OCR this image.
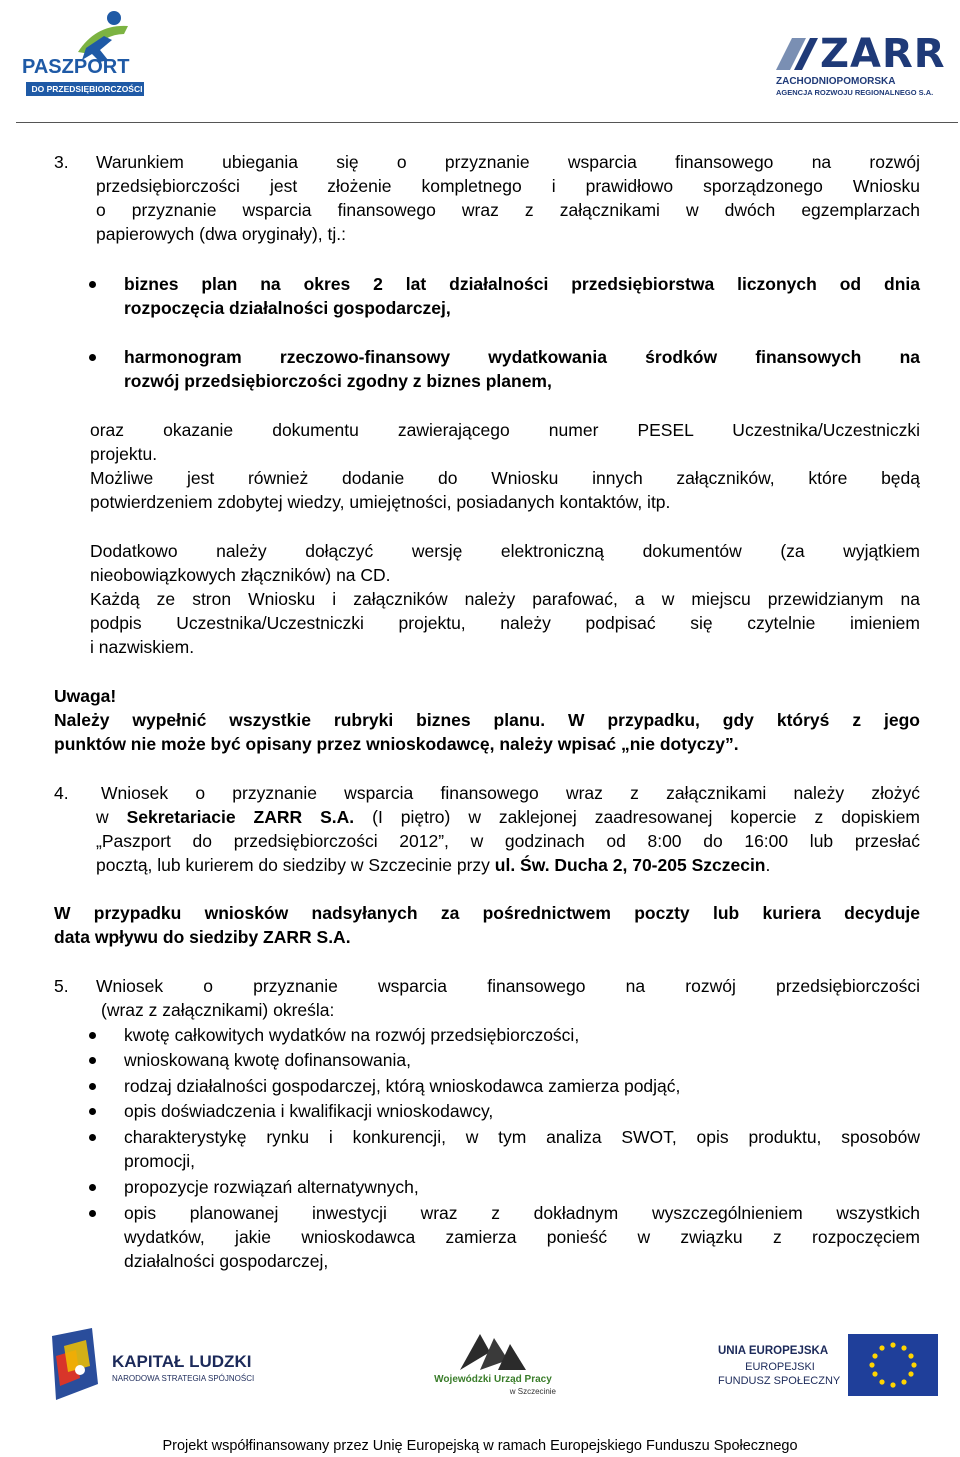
PASZPORT
DO PRZEDSIĘBIORCZOŚCI
ZARR
ZACHODNIOPOMORSKA
AGENCJA ROZWOJU REGIONALNEGO S.A.
3. Warunkiem ubiegania się o przyznanie wsparcia finansowego na rozwój
przedsiębiorczości jest złożenie kompletnego i prawidłowo sporządzonego Wniosku
o przyznanie wsparcia finansowego wraz z załącznikami w dwóch egzemplarzach
papierowych (dwa oryginały), tj.:
biznes plan na okres 2 lat działalności przedsiębiorstwa liczonych od dnia
rozpoczęcia działalności gospodarczej,
harmonogram rzeczowo-finansowy wydatkowania środków finansowych na
rozwój przedsiębiorczości zgodny z biznes planem,
oraz okazanie dokumentu zawierającego numer PESEL Uczestnika/Uczestniczki
projektu.
Możliwe jest również dodanie do Wniosku innych załączników, które będą
potwierdzeniem zdobytej wiedzy, umiejętności, posiadanych kontaktów, itp.
Dodatkowo należy dołączyć wersję elektroniczną dokumentów (za wyjątkiem
nieobowiązkowych złączników) na CD.
Każdą ze stron Wniosku i załączników należy parafować, a w miejscu przewidzianym na
podpis Uczestnika/Uczestniczki projektu, należy podpisać się czytelnie imieniem
i nazwiskiem.
Uwaga!
Należy wypełnić wszystkie rubryki biznes planu. W przypadku, gdy któryś z jego
punktów nie może być opisany przez wnioskodawcę, należy wpisać „nie dotyczy”.
4. Wniosek o przyznanie wsparcia finansowego wraz z załącznikami należy złożyć
w Sekretariacie ZARR S.A. (I piętro) w zaklejonej zaadresowanej kopercie z dopiskiem
„Paszport do przedsiębiorczości 2012”, w godzinach od 8:00 do 16:00 lub przesłać
pocztą, lub kurierem do siedziby w Szczecinie przy ul. Św. Ducha 2, 70-205 Szczecin.
W przypadku wniosków nadsyłanych za pośrednictwem poczty lub kuriera decyduje
data wpływu do siedziby ZARR S.A.
5. Wniosek o przyznanie wsparcia finansowego na rozwój przedsiębiorczości
(wraz z załącznikami) określa:
kwotę całkowitych wydatków na rozwój przedsiębiorczości,
wnioskowaną kwotę dofinansowania,
rodzaj działalności gospodarczej, którą wnioskodawca zamierza podjąć,
opis doświadczenia i kwalifikacji wnioskodawcy,
charakterystykę rynku i konkurencji, w tym analiza SWOT, opis produktu, sposobów
promocji,
propozycje rozwiązań alternatywnych,
opis planowanej inwestycji wraz z dokładnym wyszczególnieniem wszystkich
wydatków, jakie wnioskodawca zamierza ponieść w związku z rozpoczęciem
działalności gospodarczej,
KAPITAŁ LUDZKI
NARODOWA STRATEGIA SPÓJNOŚCI	Wojewódzki Urząd Pracy
w Szczecinie
UNIA EUROPEJSKA
EUROPEJSKI
FUNDUSZ SPOŁECZNY
Projekt współfinansowany przez Unię Europejską w ramach Europejskiego Funduszu Społecznego
